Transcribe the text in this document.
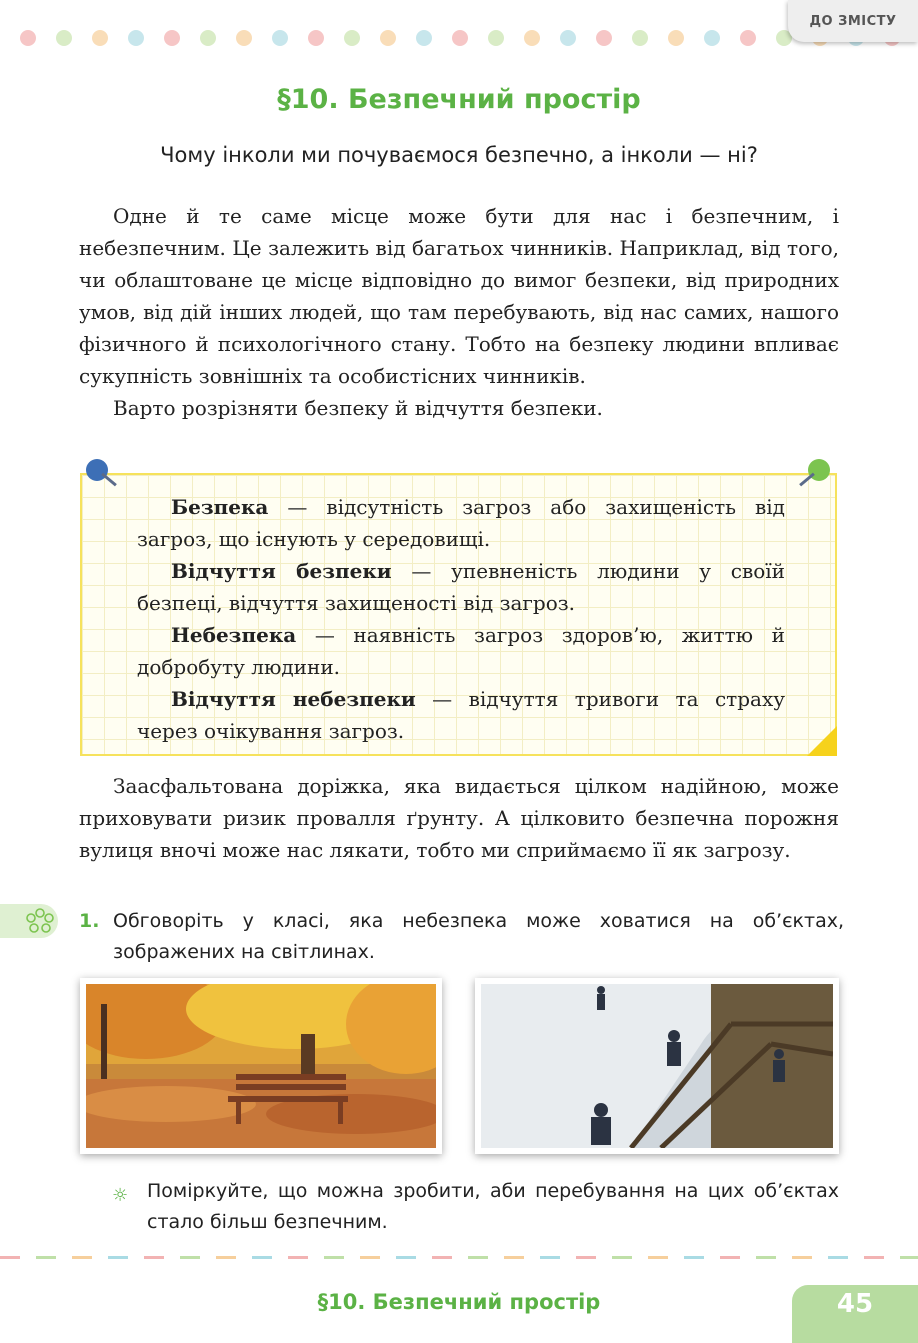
ДО ЗМІСТУ
§10. Безпечний простір
Чому інколи ми почуваємося безпечно, а інколи — ні?

Одне й те саме місце може бути для нас і безпечним, і небезпечним. Це залежить від багатьох чинників. Наприклад, від того, чи облаштоване це місце відповідно до вимог безпеки, від природних умов, від дій інших людей, що там перебувають, від нас самих, нашого фізичного й психологічного стану. Тобто на безпеку людини впливає сукупність зовнішніх та особистісних чинників.

Варто розрізняти безпеку й відчуття безпеки.

Безпека — відсутність загроз або захищеність від загроз, що існують у середовищі.

Відчуття безпеки — упевненість людини у своїй безпеці, відчуття захищеності від загроз.

Небезпека — наявність загроз здоров’ю, життю й добробуту людини.

Відчуття небезпеки — відчуття тривоги та страху через очікування загроз.

Заасфальтована доріжка, яка видається цілком надійною, може приховувати ризик провалля ґрунту. А цілковито безпечна порожня вулиця вночі може нас лякати, тобто ми сприймаємо її як загрозу.

1. Обговоріть у класі, яка небезпека може ховатися на об’єктах, зображених на світлинах.
☼ Поміркуйте, що можна зробити, аби перебування на цих об’єктах стало більш безпечним.
§10. Безпечний простір	45
